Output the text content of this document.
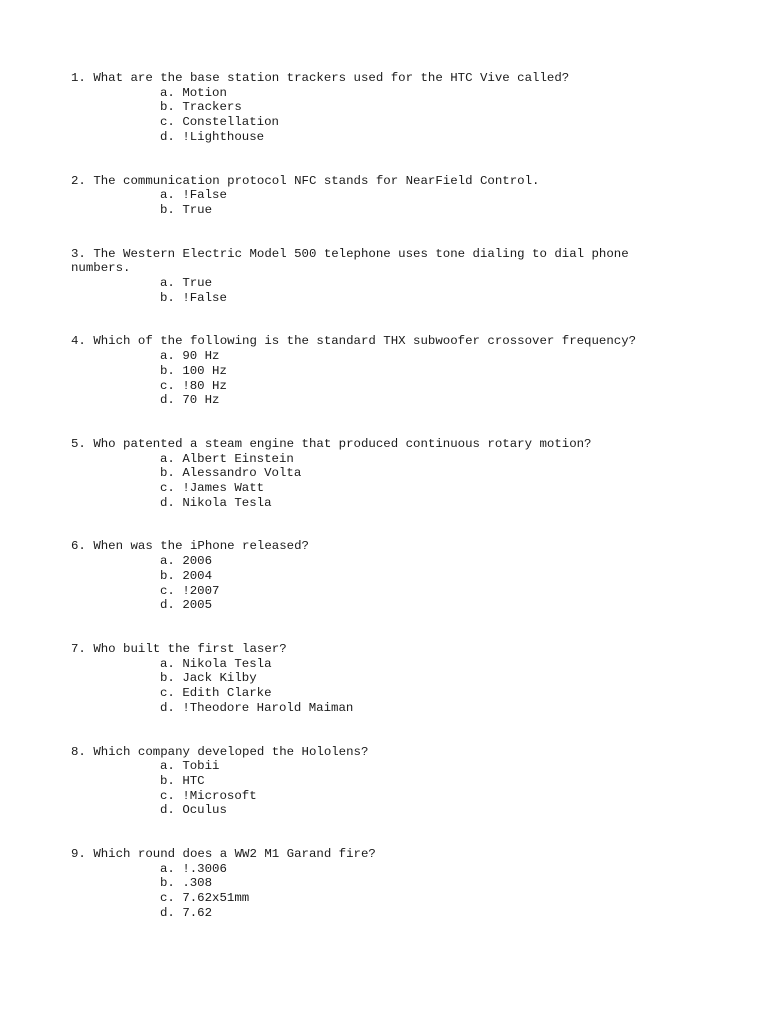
1. What are the base station trackers used for the HTC Vive called?

a. Motion
b. Trackers
c. Constellation
d. !Lighthouse

2. The communication protocol NFC stands for NearField Control.

a. !False
b. True

3. The Western Electric Model 500 telephone uses tone dialing to dial phone numbers.

a. True
b. !False

4. Which of the following is the standard THX subwoofer crossover frequency?

a. 90 Hz
b. 100 Hz
c. !80 Hz
d. 70 Hz

5. Who patented a steam engine that produced continuous rotary motion?

a. Albert Einstein
b. Alessandro Volta
c. !James Watt
d. Nikola Tesla

6. When was the iPhone released?

a. 2006
b. 2004
c. !2007
d. 2005

7. Who built the first laser?

a. Nikola Tesla
b. Jack Kilby
c. Edith Clarke
d. !Theodore Harold Maiman

8. Which company developed the Hololens?

a. Tobii
b. HTC
c. !Microsoft
d. Oculus

9. Which round does a WW2 M1 Garand fire?

a. !.3006
b. .308
c. 7.62x51mm
d. 7.62
